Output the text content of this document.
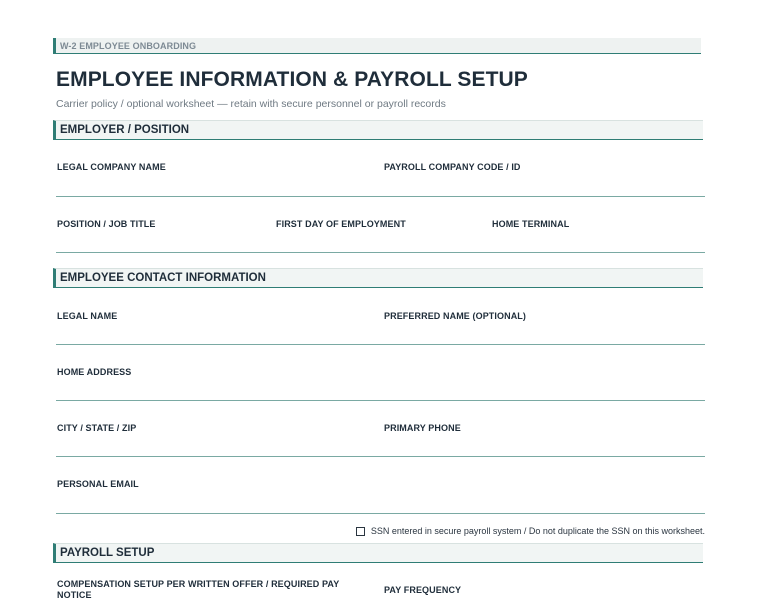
W-2 EMPLOYEE ONBOARDING
EMPLOYEE INFORMATION & PAYROLL SETUP
Carrier policy / optional worksheet — retain with secure personnel or payroll records
EMPLOYER / POSITION
LEGAL COMPANY NAME	PAYROLL COMPANY CODE / ID
POSITION / JOB TITLE	FIRST DAY OF EMPLOYMENT	HOME TERMINAL
EMPLOYEE CONTACT INFORMATION
LEGAL NAME	PREFERRED NAME (OPTIONAL)
HOME ADDRESS
CITY / STATE / ZIP	PRIMARY PHONE
PERSONAL EMAIL
SSN entered in secure payroll system / Do not duplicate the SSN on this worksheet.
PAYROLL SETUP
COMPENSATION SETUP PER WRITTEN OFFER / REQUIRED PAY NOTICE	PAY FREQUENCY
